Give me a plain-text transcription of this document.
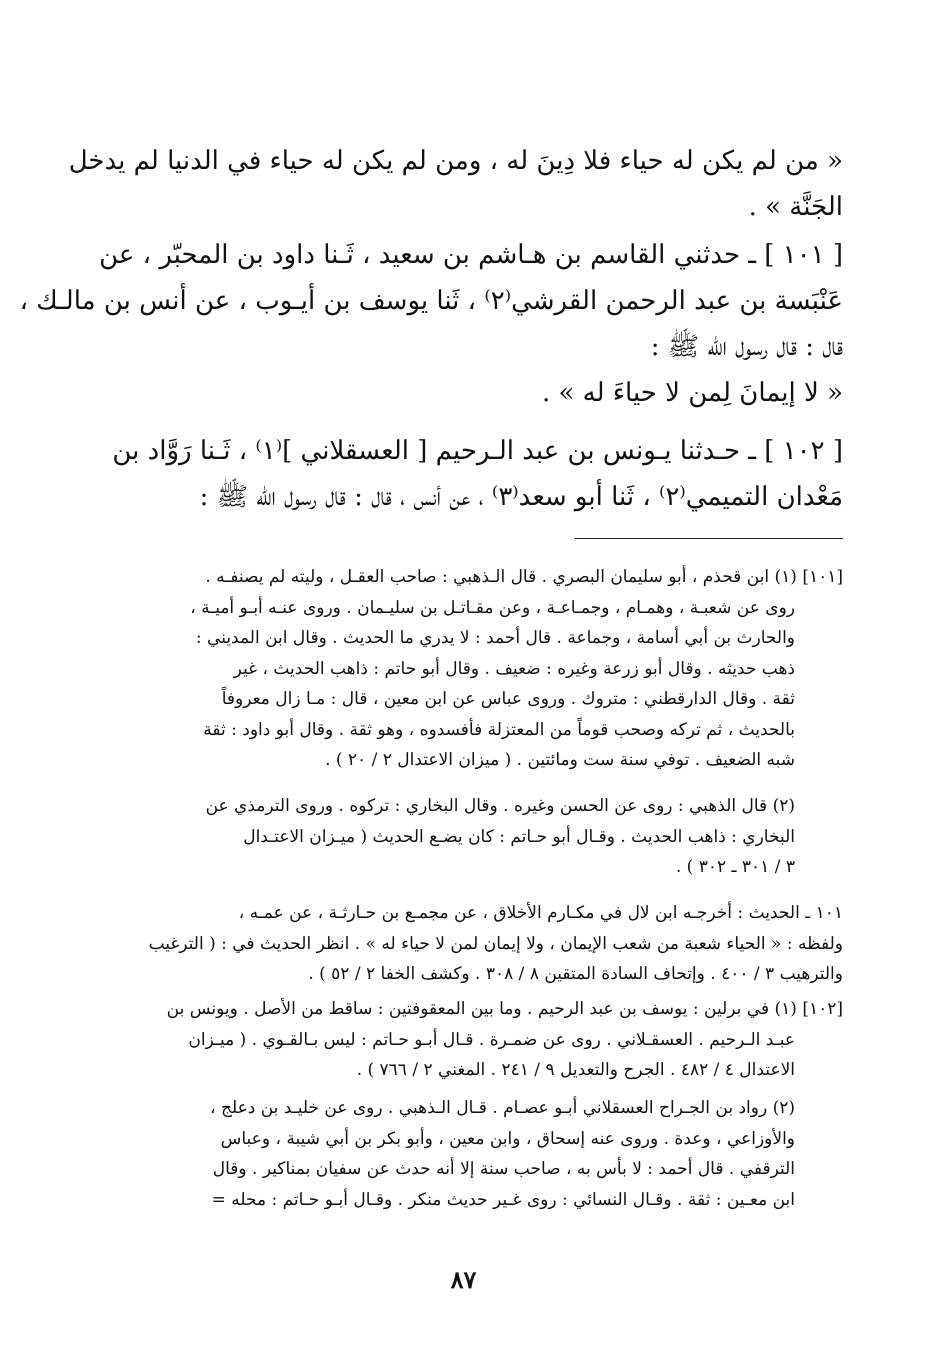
« من لم يكن له حياء فلا دِينَ له ، ومن لم يكن له حياء في الدنيا لم يدخل
الجَنَّة » .
[ ١٠١ ] ـ حدثني القاسم بن هـاشم بن سعيد ، ثَـنا داود بن المحبّر ، عن
عَنْبَسة بن عبد الرحمن القرشي⁽٢⁾ ، ثَنا يوسف بن أيـوب ، عن أنس بن مالـك ،
قال : قال رسول الله ﷺ :
« لا إيمانَ لِمن لا حياءَ له » .
[ ١٠٢ ] ـ حـدثنا يـونس بن عبد الـرحيم [ العسقلاني ]⁽١⁾ ، ثَـنا رَوَّاد بن
مَعْدان التميمي⁽٢⁾ ، ثَنا أبو سعد⁽٣⁾ ، عن أنس ، قال : قال رسول الله ﷺ :
[١٠١] (١) ابن قحذم ، أبو سليمان البصري . قال الـذهبي : صاحب العقـل ، وليته لم يصنفـه .
روى عن شعبـة ، وهمـام ، وجمـاعـة ، وعن مقـاتـل بن سليـمان . وروى عنـه أبـو أميـة ،
والحارث بن أبي أسامة ، وجماعة . قال أحمد : لا يدري ما الحديث . وقال ابن المديني :
ذهب حديثه . وقال أبو زرعة وغيره : ضعيف . وقال أبو حاتم : ذاهب الحديث ، غير
ثقة . وقال الدارقطني : متروك . وروى عباس عن ابن معين ، قال : مـا زال معروفاً
بالحديث ، ثم تركه وصحب قوماً من المعتزلة فأفسدوه ، وهو ثقة . وقال أبو داود : ثقة
شبه الضعيف . توفي سنة ست ومائتين . ( ميزان الاعتدال ٢ / ٢٠ ) .
(٢) قال الذهبي : روى عن الحسن وغيره . وقال البخاري : تركوه . وروى الترمذي عن
البخاري : ذاهب الحديث . وقـال أبو حـاتم : كان يضـع الحديث ( ميـزان الاعتـدال
٣ / ٣٠١ ـ ٣٠٢ ) .
١٠١ ـ الحديث : أخرجـه ابن لال في مكـارم الأخلاق ، عن مجمـع بن حـارثـة ، عن عمـه ،
ولفظه : « الحياء شعبة من شعب الإيمان ، ولا إيمان لمن لا حياء له » . انظر الحديث في : ( الترغيب
والترهيب ٣ / ٤٠٠ . وإتحاف السادة المتقين ٨ / ٣٠٨ . وكشف الخفا ٢ / ٥٢ ) .
[١٠٢] (١) في برلين : يوسف بن عبد الرحيم . وما بين المعقوفتين : ساقط من الأصل . ويونس بن
عبـد الـرحيم . العسقـلاني . روى عن ضمـرة . قـال أبـو حـاتم : ليس بـالقـوي . ( ميـزان
الاعتدال ٤ / ٤٨٢ . الجرح والتعديل ٩ / ٢٤١ . المغني ٢ / ٧٦٦ ) .
(٢) رواد بن الجـراح العسقلاني أبـو عصـام . قـال الـذهبي . روى عن خليـد بن دعلج ،
والأوزاعي ، وعدة . وروى عنه إسحاق ، وابن معين ، وأبو بكر بن أبي شيبة ، وعباس
الترقفي . قال أحمد : لا بأس به ، صاحب سنة إلا أنه حدث عن سفيان بمناكير . وقال
ابن معـين : ثقة . وقـال النسائي : روى غـير حديث منكر . وقـال أبـو حـاتم : محله =
٨٧
